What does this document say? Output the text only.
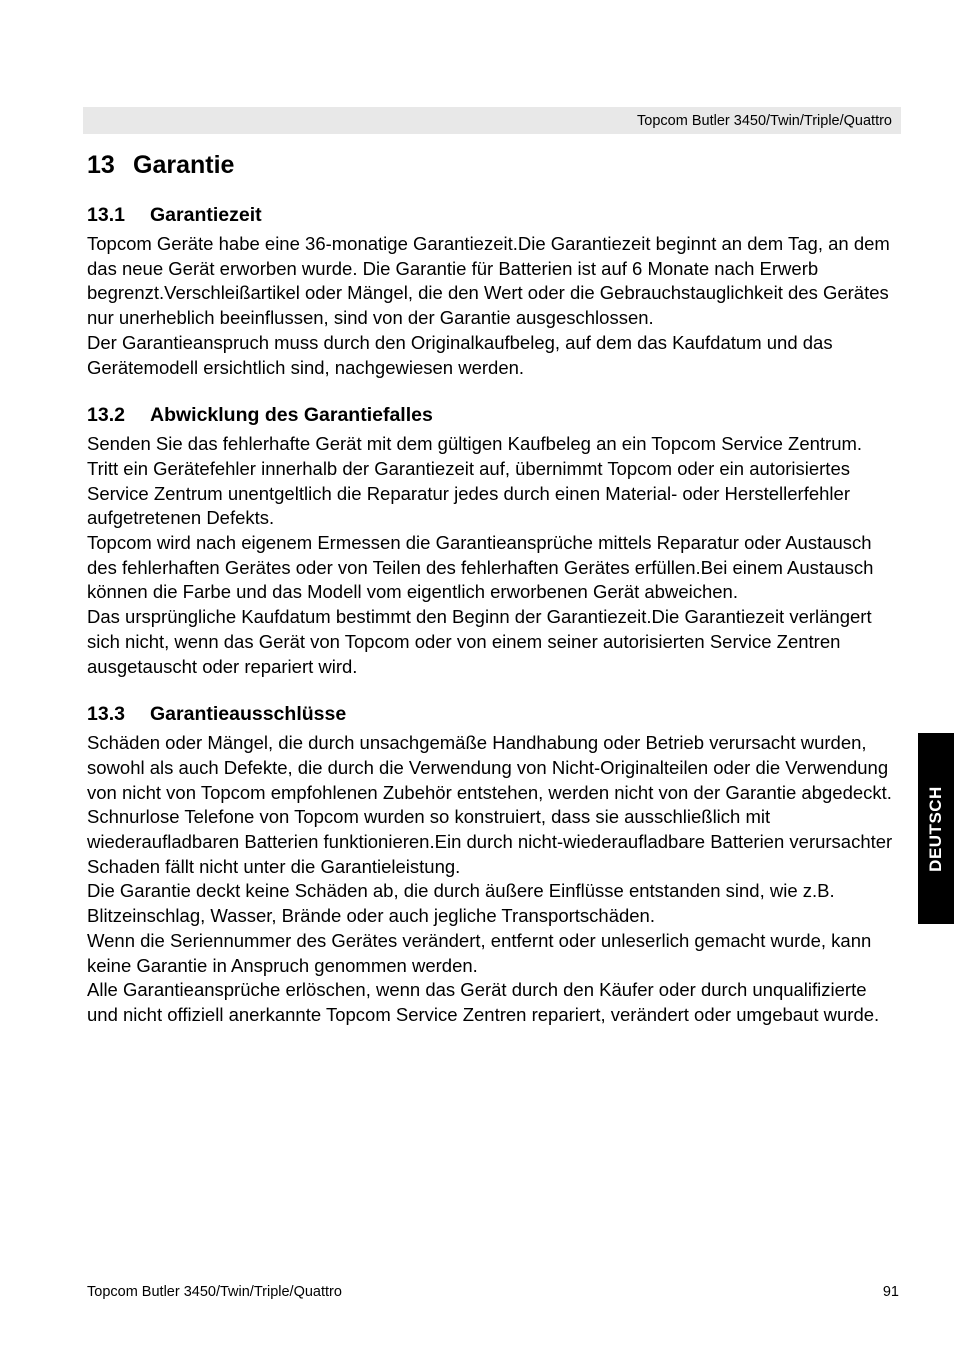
Topcom Butler 3450/Twin/Triple/Quattro
13 Garantie
13.1 Garantiezeit

Topcom Geräte habe eine 36-monatige Garantiezeit.Die Garantiezeit beginnt an dem Tag, an dem das neue Gerät erworben wurde. Die Garantie für Batterien ist auf 6 Monate nach Erwerb begrenzt.Verschleißartikel oder Mängel, die den Wert oder die Gebrauchstauglichkeit des Gerätes nur unerheblich beeinflussen, sind von der Garantie ausgeschlossen.

Der Garantieanspruch muss durch den Originalkaufbeleg, auf dem das Kaufdatum und das Gerätemodell ersichtlich sind, nachgewiesen werden.

13.2 Abwicklung des Garantiefalles

Senden Sie das fehlerhafte Gerät mit dem gültigen Kaufbeleg an ein Topcom Service Zentrum.

Tritt ein Gerätefehler innerhalb der Garantiezeit auf, übernimmt Topcom oder ein autorisiertes Service Zentrum unentgeltlich die Reparatur jedes durch einen Material- oder Herstellerfehler aufgetretenen Defekts.

Topcom wird nach eigenem Ermessen die Garantieansprüche mittels Reparatur oder Austausch des fehlerhaften Gerätes oder von Teilen des fehlerhaften Gerätes erfüllen.Bei einem Austausch können die Farbe und das Modell vom eigentlich erworbenen Gerät abweichen.

Das ursprüngliche Kaufdatum bestimmt den Beginn der Garantiezeit.Die Garantiezeit verlängert sich nicht, wenn das Gerät von Topcom oder von einem seiner autorisierten Service Zentren ausgetauscht oder repariert wird.

13.3 Garantieausschlüsse

Schäden oder Mängel, die durch unsachgemäße Handhabung oder Betrieb verursacht wurden, sowohl als auch Defekte, die durch die Verwendung von Nicht-Originalteilen oder die Verwendung von nicht von Topcom empfohlenen Zubehör entstehen, werden nicht von der Garantie abgedeckt.

Schnurlose Telefone von Topcom wurden so konstruiert, dass sie ausschließlich mit wiederaufladbaren Batterien funktionieren.Ein durch nicht-wiederaufladbare Batterien verursachter Schaden fällt nicht unter die Garantieleistung.

Die Garantie deckt keine Schäden ab, die durch äußere Einflüsse entstanden sind, wie z.B. Blitzeinschlag, Wasser, Brände oder auch jegliche Transportschäden.

Wenn die Seriennummer des Gerätes verändert, entfernt oder unleserlich gemacht wurde, kann keine Garantie in Anspruch genommen werden.

Alle Garantieansprüche erlöschen, wenn das Gerät durch den Käufer oder durch unqualifizierte  und nicht offiziell anerkannte Topcom Service Zentren repariert, verändert oder umgebaut wurde.

DEUTSCH
Topcom Butler 3450/Twin/Triple/Quattro	91
